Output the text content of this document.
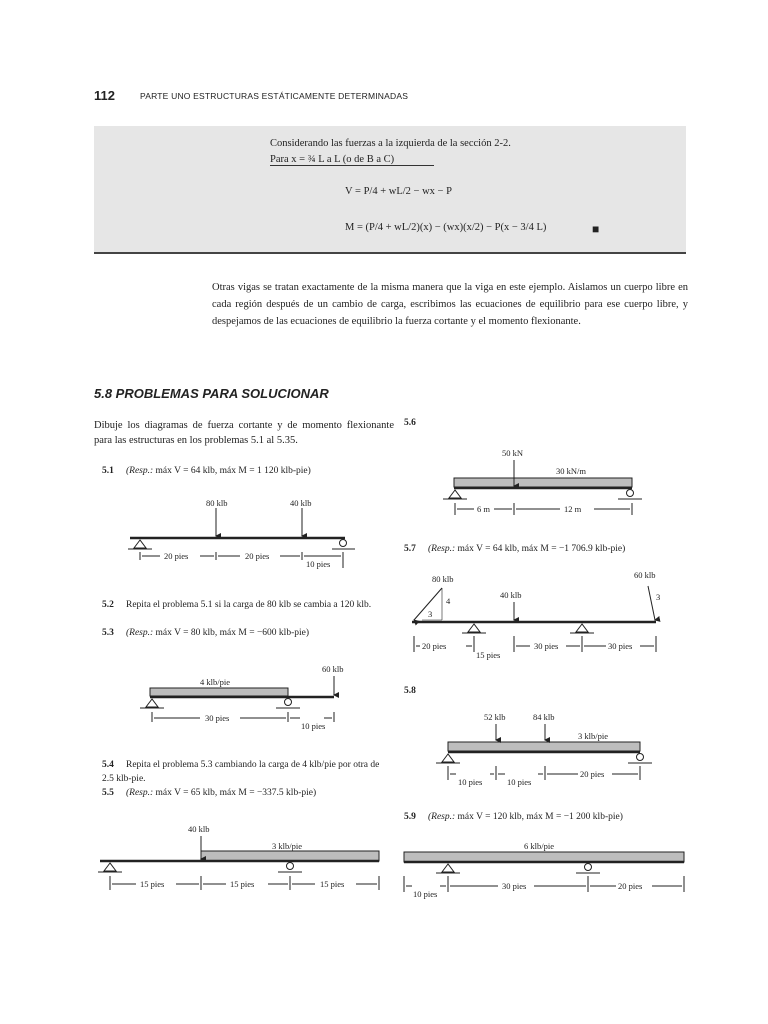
112	PARTE UNO ESTRUCTURAS ESTÁTICAMENTE DETERMINADAS
Considerando las fuerzas a la izquierda de la sección 2-2.
Para x = ¾ L a L (o de B a C)
V = P/4 + wL/2 − wx − P
M = (P/4 + wL/2)(x) − (wx)(x/2) − P(x − 3/4 L)	■
Otras vigas se tratan exactamente de la misma manera que la viga en este ejemplo. Aislamos un cuerpo libre en cada región después de un cambio de carga, escribimos las ecuaciones de equilibrio para ese cuerpo libre, y despejamos de las ecuaciones de equilibrio la fuerza cortante y el momento flexionante.
5.8 PROBLEMAS PARA SOLUCIONAR
Dibuje los diagramas de fuerza cortante y de momento flexionante para las estructuras en los problemas 5.1 al 5.35.
5.1 (Resp.: máx V = 64 klb, máx M = 1 120 klb-pie)
5.2 Repita el problema 5.1 si la carga de 80 klb se cambia a 120 klb.
5.3 (Resp.: máx V = 80 klb, máx M = −600 klb-pie)
5.4 Repita el problema 5.3 cambiando la carga de 4 klb/pie por otra de 2.5 klb-pie.
5.5 (Resp.: máx V = 65 klb, máx M = −337.5 klb-pie)
5.6
5.7 (Resp.: máx V = 64 klb, máx M = −1 706.9 klb-pie)
5.8
5.9 (Resp.: máx V = 120 klb, máx M = −1 200 klb-pie)
80 klb	40 klb
20 pies	20 pies
10 pies
4 klb/pie
60 klb
30 pies
10 pies
40 klb
3 klb/pie
15 pies	15 pies	15 pies
50 kN
30 kN/m
6 m	12 m
80 klb
40 klb
60 klb
4
3
3
20 pies
15 pies
30 pies	30 pies
52 klb	84 klb
3 klb/pie
10 pies	10 pies
20 pies
6 klb/pie
10 pies
30 pies	20 pies
